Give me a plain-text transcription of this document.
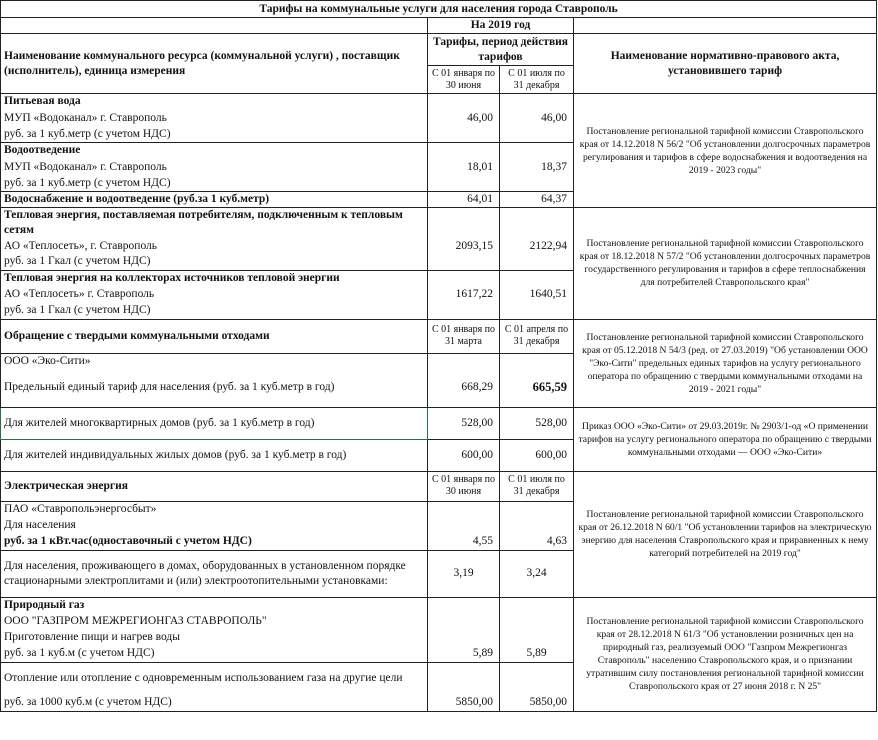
Тарифы на коммунальные услуги для населения города Ставрополь			
	На 2019 год		
Наименование коммунального ресурса (коммунальной услуги) , поставщик (исполнитель), единица измерения	Тарифы, период действия тарифов		Наименование нормативно-правового акта, установившего тариф
	С 01 января по 30 июня	С 01 июля по 31 декабря	
Питьевая вода			Постановление региональной тарифной комиссии Ставропольского края от 14.12.2018 N 56/2 "Об установлении долгосрочных параметров регулирования и тарифов в сфере водоснабжения и водоотведения на 2019 - 2023 годы"
МУП «Водоканал» г. Ставрополь	46,00	46,00	
руб. за 1 куб.метр (с учетом НДС)			
Водоотведение			
МУП «Водоканал» г. Ставрополь	18,01	18,37	
руб. за 1 куб.метр (с учетом НДС)			
Водоснабжение и водоотведение (руб.за 1 куб.метр)	64,01	64,37	
Тепловая энергия, поставляемая потребителям, подключенным к тепловым сетям			Постановление региональной тарифной комиссии Ставропольского края от 18.12.2018 N 57/2 "Об установлении долгосрочных параметров государственного регулирования и тарифов в сфере теплоснабжения для потребителей Ставропольского края"
АО «Теплосеть», г. Ставрополь	2093,15	2122,94	
руб. за 1 Гкал (с учетом НДС)			
Тепловая энергия на коллекторах источников тепловой энергии			
АО «Теплосеть» г. Ставрополь	1617,22	1640,51	
руб. за 1 Гкал (с учетом НДС)			
Обращение с твердыми коммунальными отходами	С 01 января по 31 марта	С 01 апреля по 31 декабря	Постановление региональной тарифной комиссии Ставропольского края от 05.12.2018 N 54/3 (ред. от 27.03.2019) "Об установлении ООО "Эко-Сити" предельных единых тарифов на услугу регионального оператора по обращению с твердыми коммунальными отходами на 2019 - 2021 годы"
ООО «Эко-Сити»			
Предельный единый тариф для населения (руб. за 1 куб.метр в год)	668,29	665,59	
Для жителей многоквартирных домов (руб. за 1 куб.метр в год)	528,00	528,00	Приказ ООО «Эко-Сити» от 29.03.2019г. № 2903/1-од «О применении тарифов на услугу регионального оператора по обращению с твердыми коммунальными отходами — ООО «Эко-Сити»
Для жителей индивидуальных жилых домов (руб. за 1 куб.метр в год)	600,00	600,00	
Электрическая энергия	С 01 января по 30 июня	С 01 июля по 31 декабря	Постановление региональной тарифной комиссии Ставропольского края от 26.12.2018 N 60/1 "Об установлении тарифов на электрическую энергию для населения Ставропольского края и приравненных к нему категорий потребителей на 2019 год"
ПАО «Ставропольэнергосбыт»			
Для населения			
руб. за 1 кВт.час(одноставочный с учетом НДС)	4,55	4,63	
Для населения, проживающего в домах, оборудованных в установленном порядке стационарными электроплитами и (или) электроотопительными установками:	3,19	3,24	
Природный газ			Постановление региональной тарифной комиссии Ставропольского края от 28.12.2018 N 61/3 "Об установлении розничных цен на природный газ, реализуемый ООО "Газпром Межрегионгаз Ставрополь" населению Ставропольского края, и о признании утратившим силу постановления региональной тарифной комиссии Ставропольского края от 27 июня 2018 г. N 25"
ООО "ГАЗПРОМ МЕЖРЕГИОНГАЗ СТАВРОПОЛЬ"			
Приготовление пищи и нагрев воды			
руб. за 1 куб.м (с учетом НДС)	5,89	5,89	
Отопление или отопление с одновременным использованием газа на другие цели			
руб. за 1000 куб.м (с учетом НДС)	5850,00	5850,00	
